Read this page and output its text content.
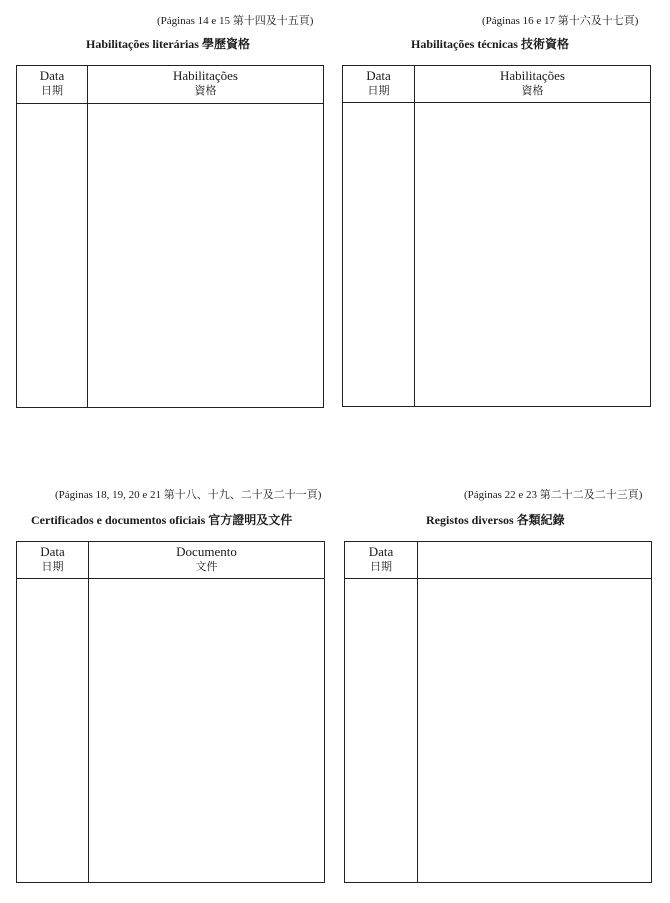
(Páginas 14 e 15 第十四及十五頁)
Habilitações literárias 學歷資格
Data
日期
Habilitações
資格
(Páginas 16 e 17 第十六及十七頁)
Habilitações técnicas 技術資格
Data
日期
Habilitações
資格
(Páginas 18, 19, 20 e 21 第十八、十九、二十及二十一頁)
Certificados e documentos oficiais 官方證明及文件
Data
日期
Documento
文件
(Páginas 22 e 23 第二十二及二十三頁)
Registos diversos 各類紀錄
Data
日期
